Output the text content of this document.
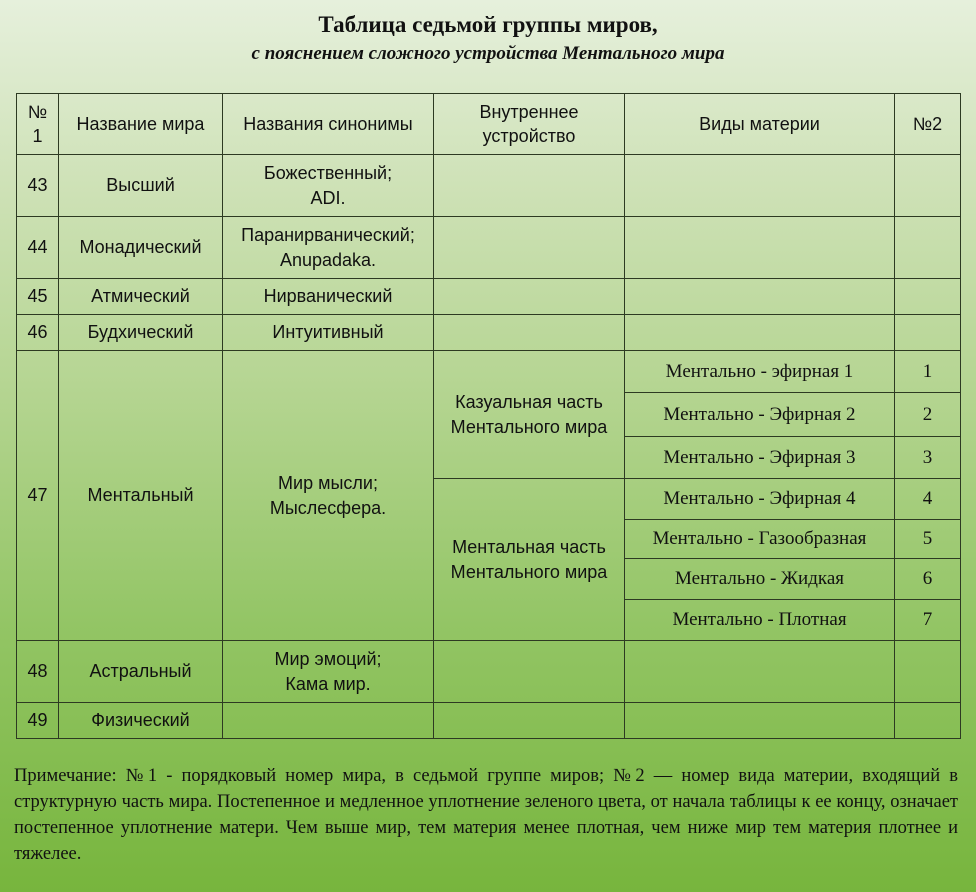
Таблица седьмой группы миров,
с пояснением сложного устройства Ментального мира
№
1	Название мира	Названия синонимы	Внутреннее устройство	Виды материи	№2
43	Высший	Божественный;
ADI.			
44	Монадический	Паранирванический;
Anupadaka.			
45	Атмический	Нирванический			
46	Будхический	Интуитивный			
47	Ментальный	Мир мысли;
Мыслесфера.	Казуальная часть Ментального мира	Ментально - эфирная 1	1
				Ментально - Эфирная 2	2
				Ментально - Эфирная 3	3
			Ментальная часть Ментального мира	Ментально - Эфирная 4	4
				Ментально - Газообразная	5
				Ментально - Жидкая	6
				Ментально - Плотная	7
48	Астральный	Мир эмоций;
Кама мир.			
49	Физический				
Примечание: №1 - порядковый номер мира, в седьмой группе миров; №2 — номер вида материи, входящий в структурную часть мира. Постепенное и медленное уплотнение зеленого цвета, от начала таблицы к ее концу, означает постепенное уплотнение матери. Чем выше мир, тем материя менее плотная, чем ниже мир тем материя плотнее и тяжелее.
